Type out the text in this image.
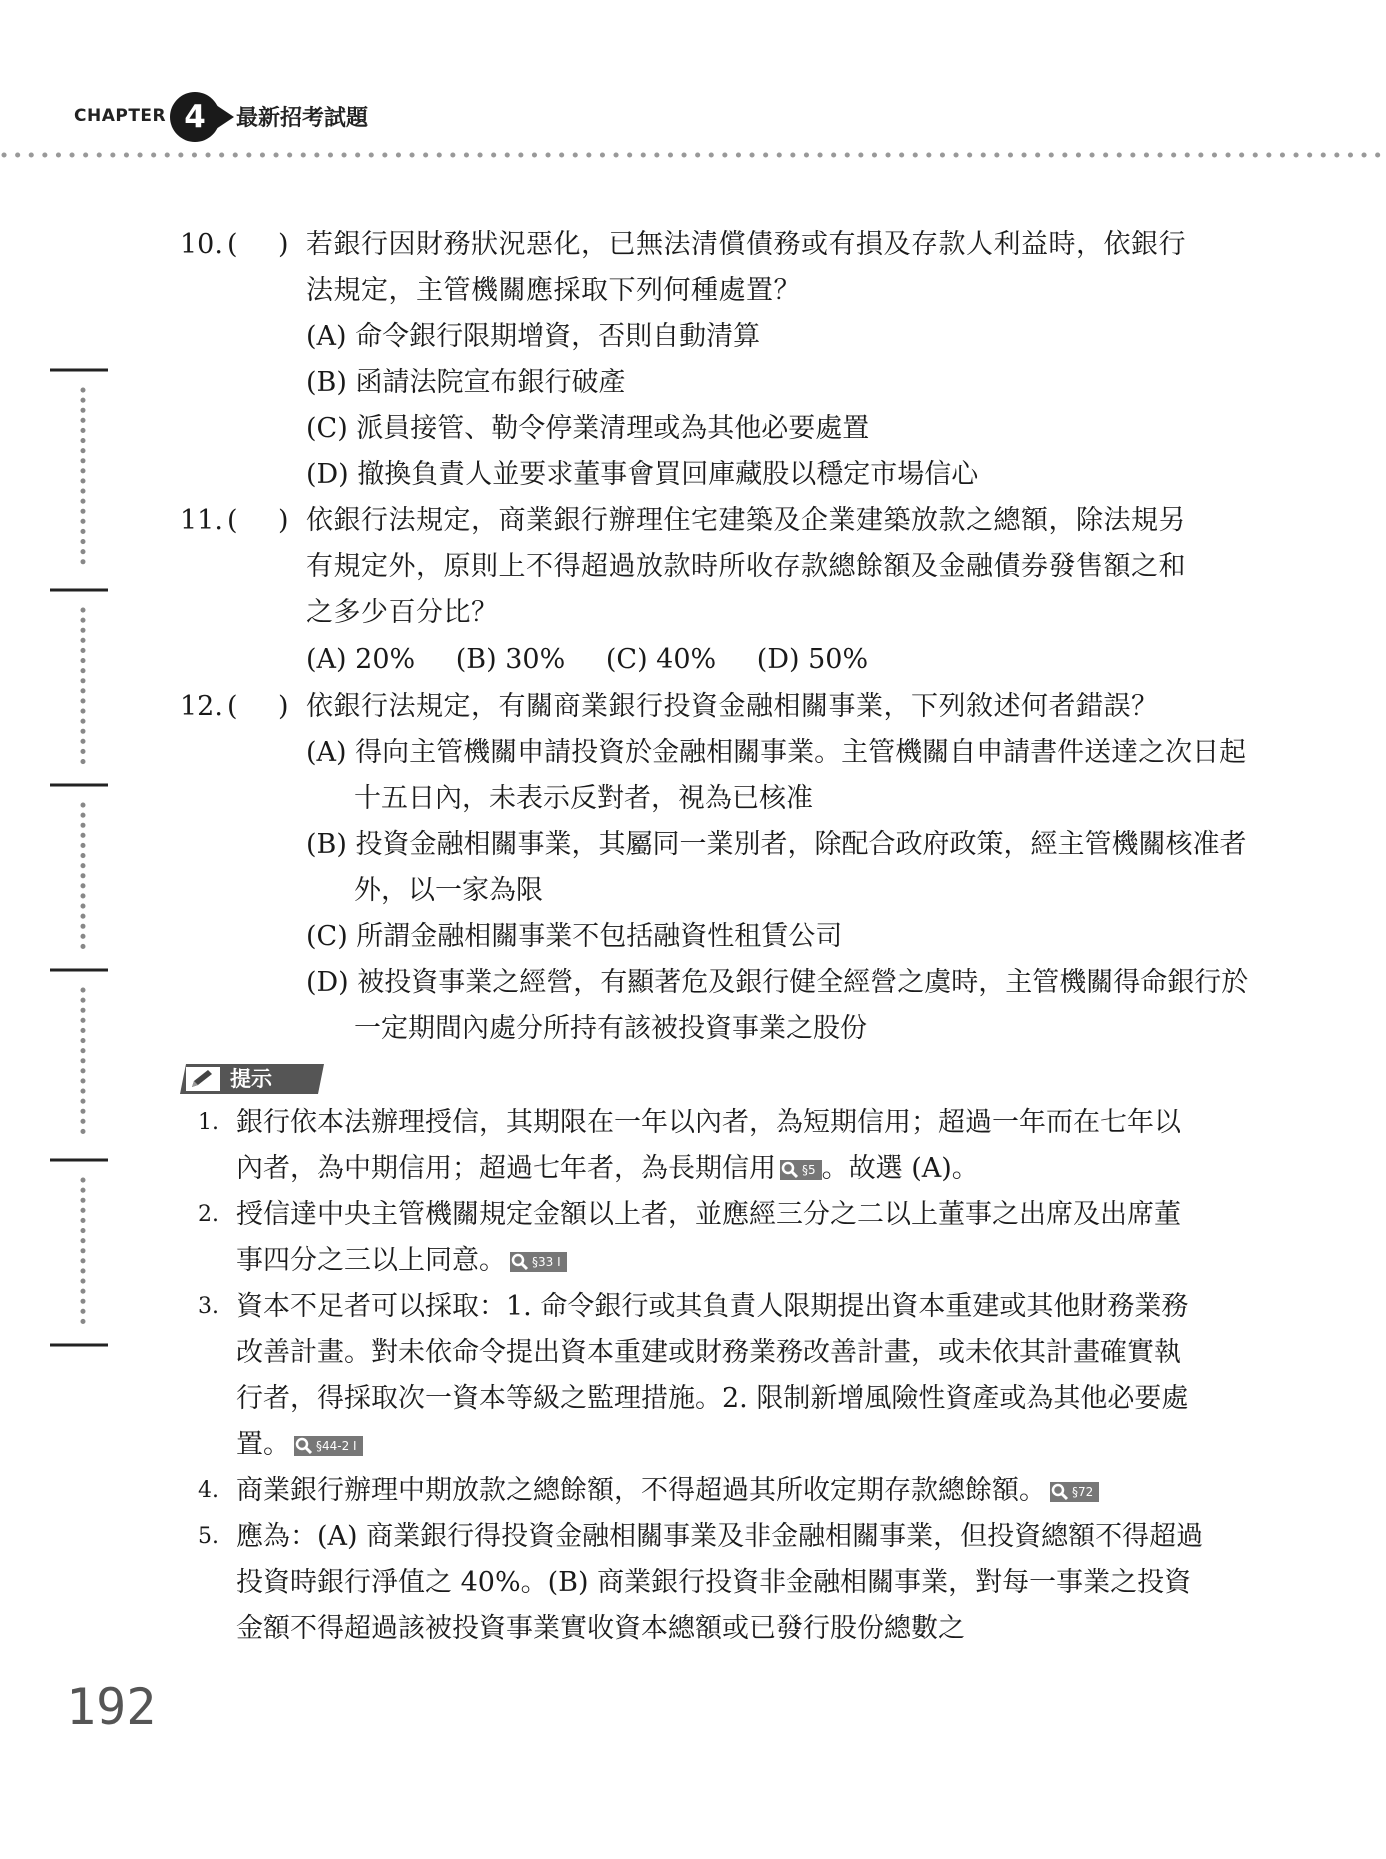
CHAPTER 4	最新招考試題
10. ( ) 若銀行因財務狀況惡化，已無法清償債務或有損及存款人利益時，依銀行法規定，主管機關應採取下列何種處置？
(A) 命令銀行限期增資，否則自動清算
(B) 函請法院宣布銀行破產
(C) 派員接管、勒令停業清理或為其他必要處置
(D) 撤換負責人並要求董事會買回庫藏股以穩定市場信心
11. ( ) 依銀行法規定，商業銀行辦理住宅建築及企業建築放款之總額，除法規另有規定外，原則上不得超過放款時所收存款總餘額及金融債券發售額之和之多少百分比？
(A) 20% (B) 30% (C) 40% (D) 50%
12. ( ) 依銀行法規定，有關商業銀行投資金融相關事業，下列敘述何者錯誤？
(A) 得向主管機關申請投資於金融相關事業。主管機關自申請書件送達之次日起十五日內，未表示反對者，視為已核准
(B) 投資金融相關事業，其屬同一業別者，除配合政府政策，經主管機關核准者外，以一家為限
(C) 所謂金融相關事業不包括融資性租賃公司
(D) 被投資事業之經營，有顯著危及銀行健全經營之虞時，主管機關得命銀行於一定期間內處分所持有該被投資事業之股份
提示
1. 銀行依本法辦理授信，其期限在一年以內者，為短期信用；超過一年而在七年以內者，為中期信用；超過七年者，為長期信用 §5 。故選 (A)。
2. 授信達中央主管機關規定金額以上者，並應經三分之二以上董事之出席及出席董事四分之三以上同意。 §33 I
3. 資本不足者可以採取：1. 命令銀行或其負責人限期提出資本重建或其他財務業務改善計畫。對未依命令提出資本重建或財務業務改善計畫，或未依其計畫確實執行者，得採取次一資本等級之監理措施。2. 限制新增風險性資產或為其他必要處置。 §44-2 I
4. 商業銀行辦理中期放款之總餘額，不得超過其所收定期存款總餘額。 §72
5. 應為：(A) 商業銀行得投資金融相關事業及非金融相關事業，但投資總額不得超過投資時銀行淨值之 40%。(B) 商業銀行投資非金融相關事業，對每一事業之投資金額不得超過該被投資事業實收資本總額或已發行股份總數之
192
